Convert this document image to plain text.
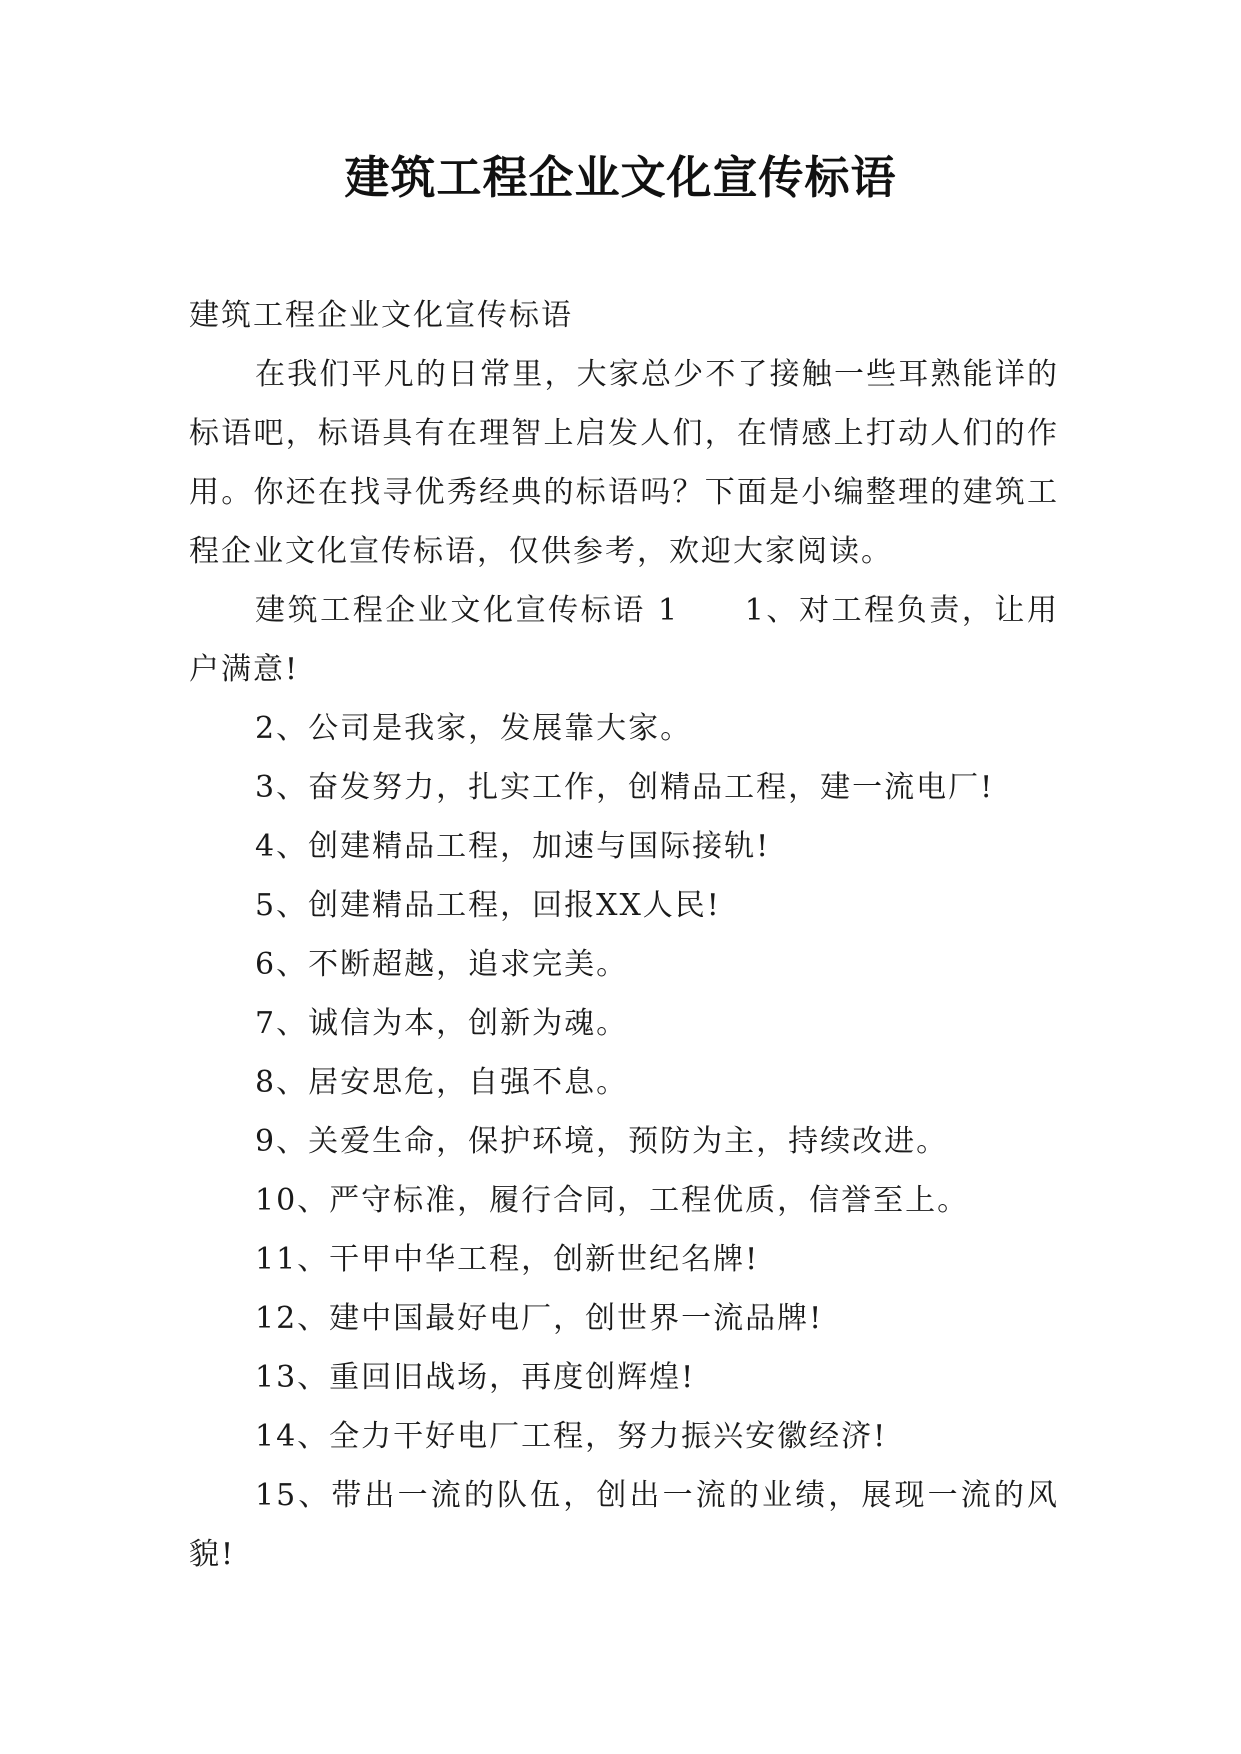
建筑工程企业文化宣传标语

建筑工程企业文化宣传标语

在我们平凡的日常里，大家总少不了接触一些耳熟能详的标语吧，标语具有在理智上启发人们，在情感上打动人们的作用。你还在找寻优秀经典的标语吗？下面是小编整理的建筑工程企业文化宣传标语，仅供参考，欢迎大家阅读。

建筑工程企业文化宣传标语 1　　1、对工程负责，让用户满意!

2、公司是我家，发展靠大家。

3、奋发努力，扎实工作，创精品工程，建一流电厂!

4、创建精品工程，加速与国际接轨!

5、创建精品工程，回报XX人民!

6、不断超越，追求完美。

7、诚信为本，创新为魂。

8、居安思危，自强不息。

9、关爱生命，保护环境，预防为主，持续改进。

10、严守标准，履行合同，工程优质，信誉至上。

11、干甲中华工程，创新世纪名牌!

12、建中国最好电厂，创世界一流品牌!

13、重回旧战场，再度创辉煌!

14、全力干好电厂工程，努力振兴安徽经济!

15、带出一流的队伍，创出一流的业绩，展现一流的风貌!
